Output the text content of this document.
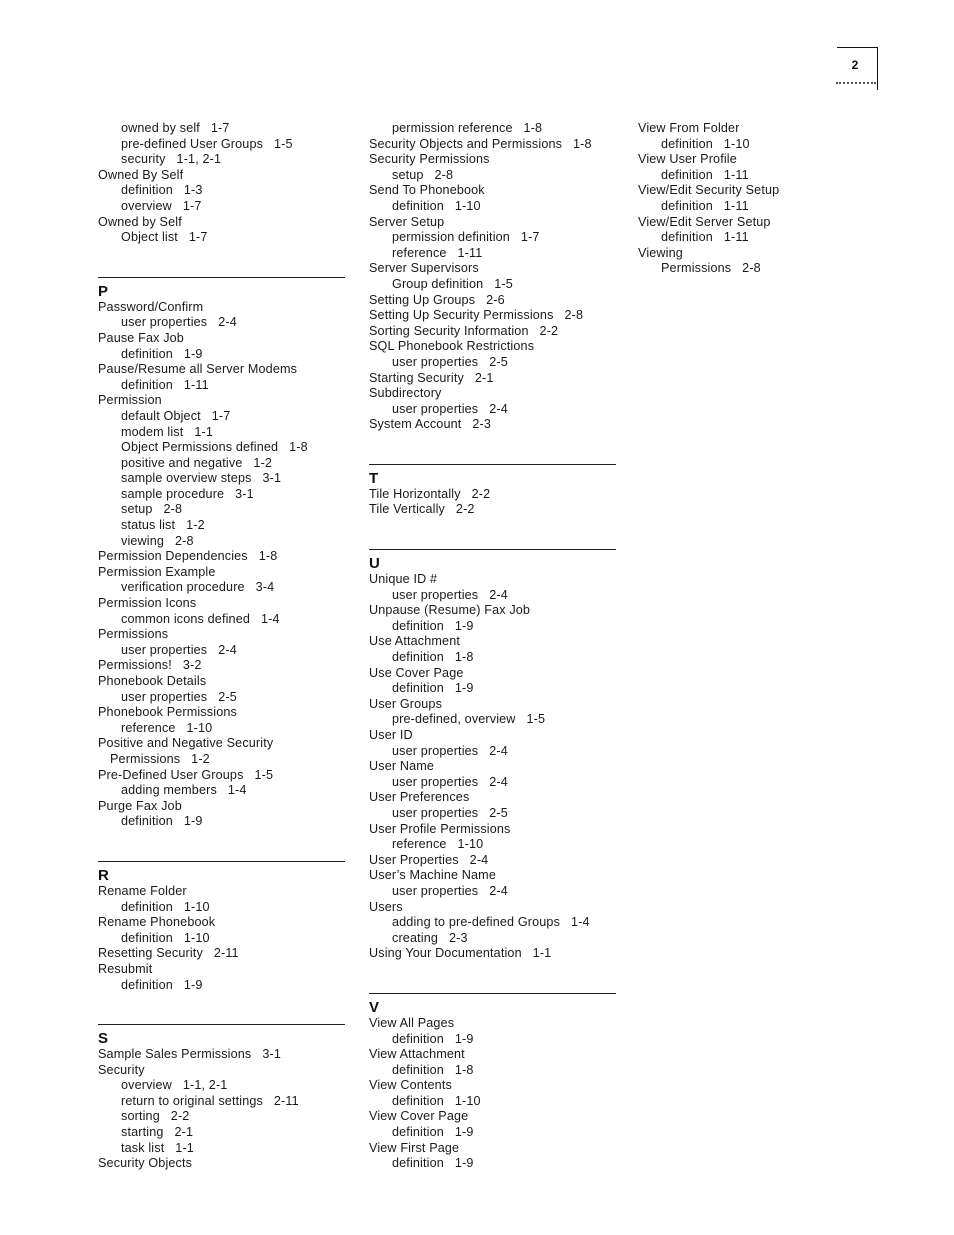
2
owned by self   1-7
pre-defined User Groups   1-5
security   1-1, 2-1
Owned By Self
definition   1-3
overview   1-7
Owned by Self
Object list   1-7
P
Password/Confirm
user properties   2-4
Pause Fax Job
definition   1-9
Pause/Resume all Server Modems
definition   1-11
Permission
default Object   1-7
modem list   1-1
Object Permissions defined   1-8
positive and negative   1-2
sample overview steps   3-1
sample procedure   3-1
setup   2-8
status list   1-2
viewing   2-8
Permission Dependencies   1-8
Permission Example
verification procedure   3-4
Permission Icons
common icons defined   1-4
Permissions
user properties   2-4
Permissions!   3-2
Phonebook Details
user properties   2-5
Phonebook Permissions
reference   1-10
Positive and Negative Security
Permissions   1-2
Pre-Defined User Groups   1-5
adding members   1-4
Purge Fax Job
definition   1-9
R
Rename Folder
definition   1-10
Rename Phonebook
definition   1-10
Resetting Security   2-11
Resubmit
definition   1-9
S
Sample Sales Permissions   3-1
Security
overview   1-1, 2-1
return to original settings   2-11
sorting   2-2
starting   2-1
task list   1-1
Security Objects
permission reference   1-8
Security Objects and Permissions   1-8
Security Permissions
setup   2-8
Send To Phonebook
definition   1-10
Server Setup
permission definition   1-7
reference   1-11
Server Supervisors
Group definition   1-5
Setting Up Groups   2-6
Setting Up Security Permissions   2-8
Sorting Security Information   2-2
SQL Phonebook Restrictions
user properties   2-5
Starting Security   2-1
Subdirectory
user properties   2-4
System Account   2-3
T
Tile Horizontally   2-2
Tile Vertically   2-2
U
Unique ID #
user properties   2-4
Unpause (Resume) Fax Job
definition   1-9
Use Attachment
definition   1-8
Use Cover Page
definition   1-9
User Groups
pre-defined, overview   1-5
User ID
user properties   2-4
User Name
user properties   2-4
User Preferences
user properties   2-5
User Profile Permissions
reference   1-10
User Properties   2-4
User’s Machine Name
user properties   2-4
Users
adding to pre-defined Groups   1-4
creating   2-3
Using Your Documentation   1-1
V
View All Pages
definition   1-9
View Attachment
definition   1-8
View Contents
definition   1-10
View Cover Page
definition   1-9
View First Page
definition   1-9
View From Folder
definition   1-10
View User Profile
definition   1-11
View/Edit Security Setup
definition   1-11
View/Edit Server Setup
definition   1-11
Viewing
Permissions   2-8
